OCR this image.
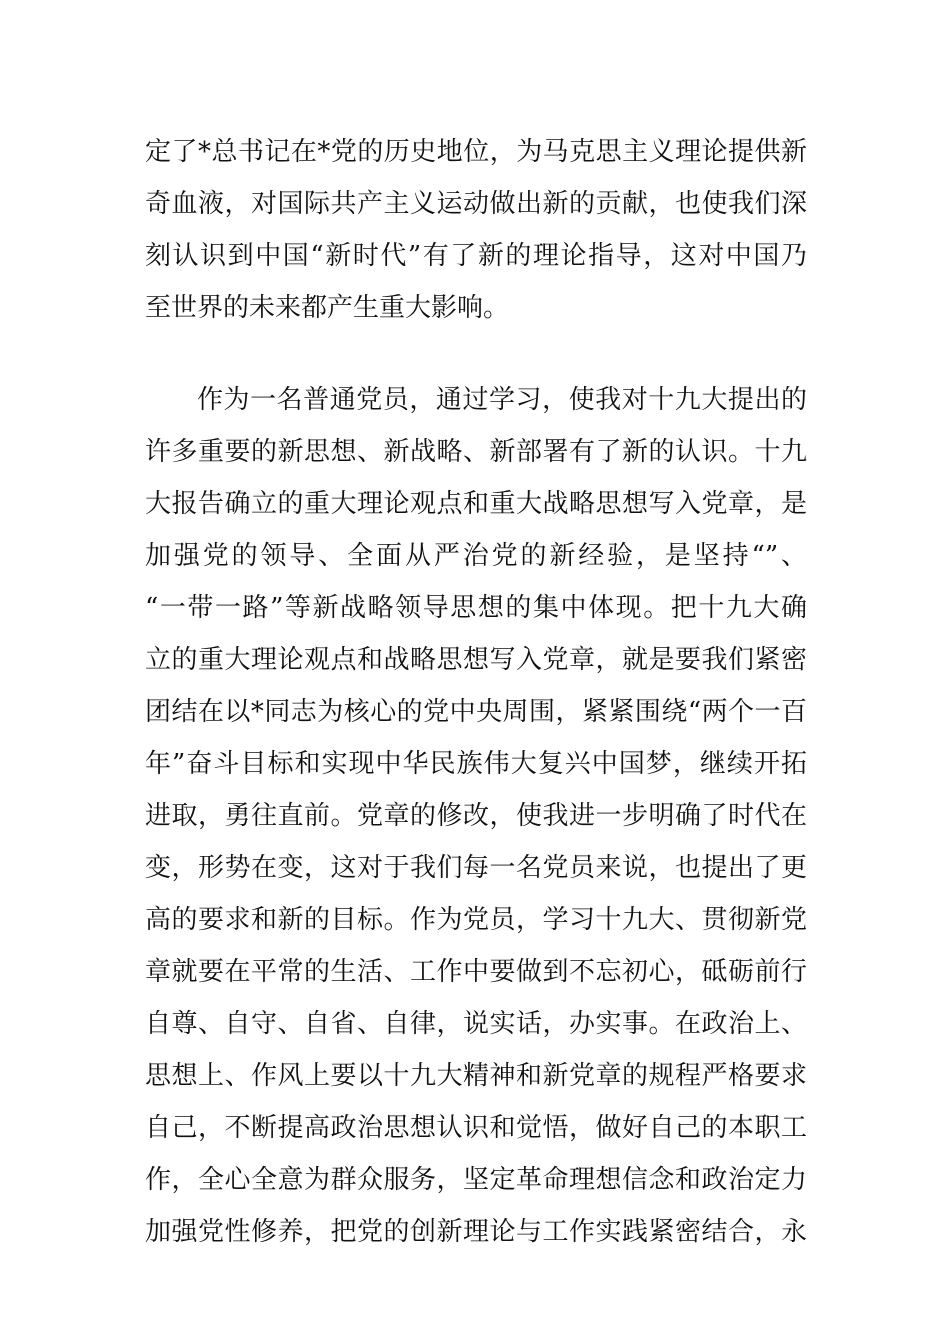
定了*总书记在*党的历史地位，为马克思主义理论提供新
奇血液，对国际共产主义运动做出新的贡献，也使我们深
刻认识到中国“新时代”有了新的理论指导，这对中国乃
至世界的未来都产生重大影响。
作为一名普通党员，通过学习，使我对十九大提出的
许多重要的新思想、新战略、新部署有了新的认识。十九
大报告确立的重大理论观点和重大战略思想写入党章，是
加强党的领导、全面从严治党的新经验，是坚持“”、
“一带一路”等新战略领导思想的集中体现。把十九大确
立的重大理论观点和战略思想写入党章，就是要我们紧密
团结在以*同志为核心的党中央周围，紧紧围绕“两个一百
年”奋斗目标和实现中华民族伟大复兴中国梦，继续开拓
进取，勇往直前。党章的修改，使我进一步明确了时代在
变，形势在变，这对于我们每一名党员来说，也提出了更
高的要求和新的目标。作为党员，学习十九大、贯彻新党
章就要在平常的生活、工作中要做到不忘初心，砥砺前行
自尊、自守、自省、自律，说实话，办实事。在政治上、
思想上、作风上要以十九大精神和新党章的规程严格要求
自己，不断提高政治思想认识和觉悟，做好自己的本职工
作，全心全意为群众服务，坚定革命理想信念和政治定力
加强党性修养，把党的创新理论与工作实践紧密结合，永
